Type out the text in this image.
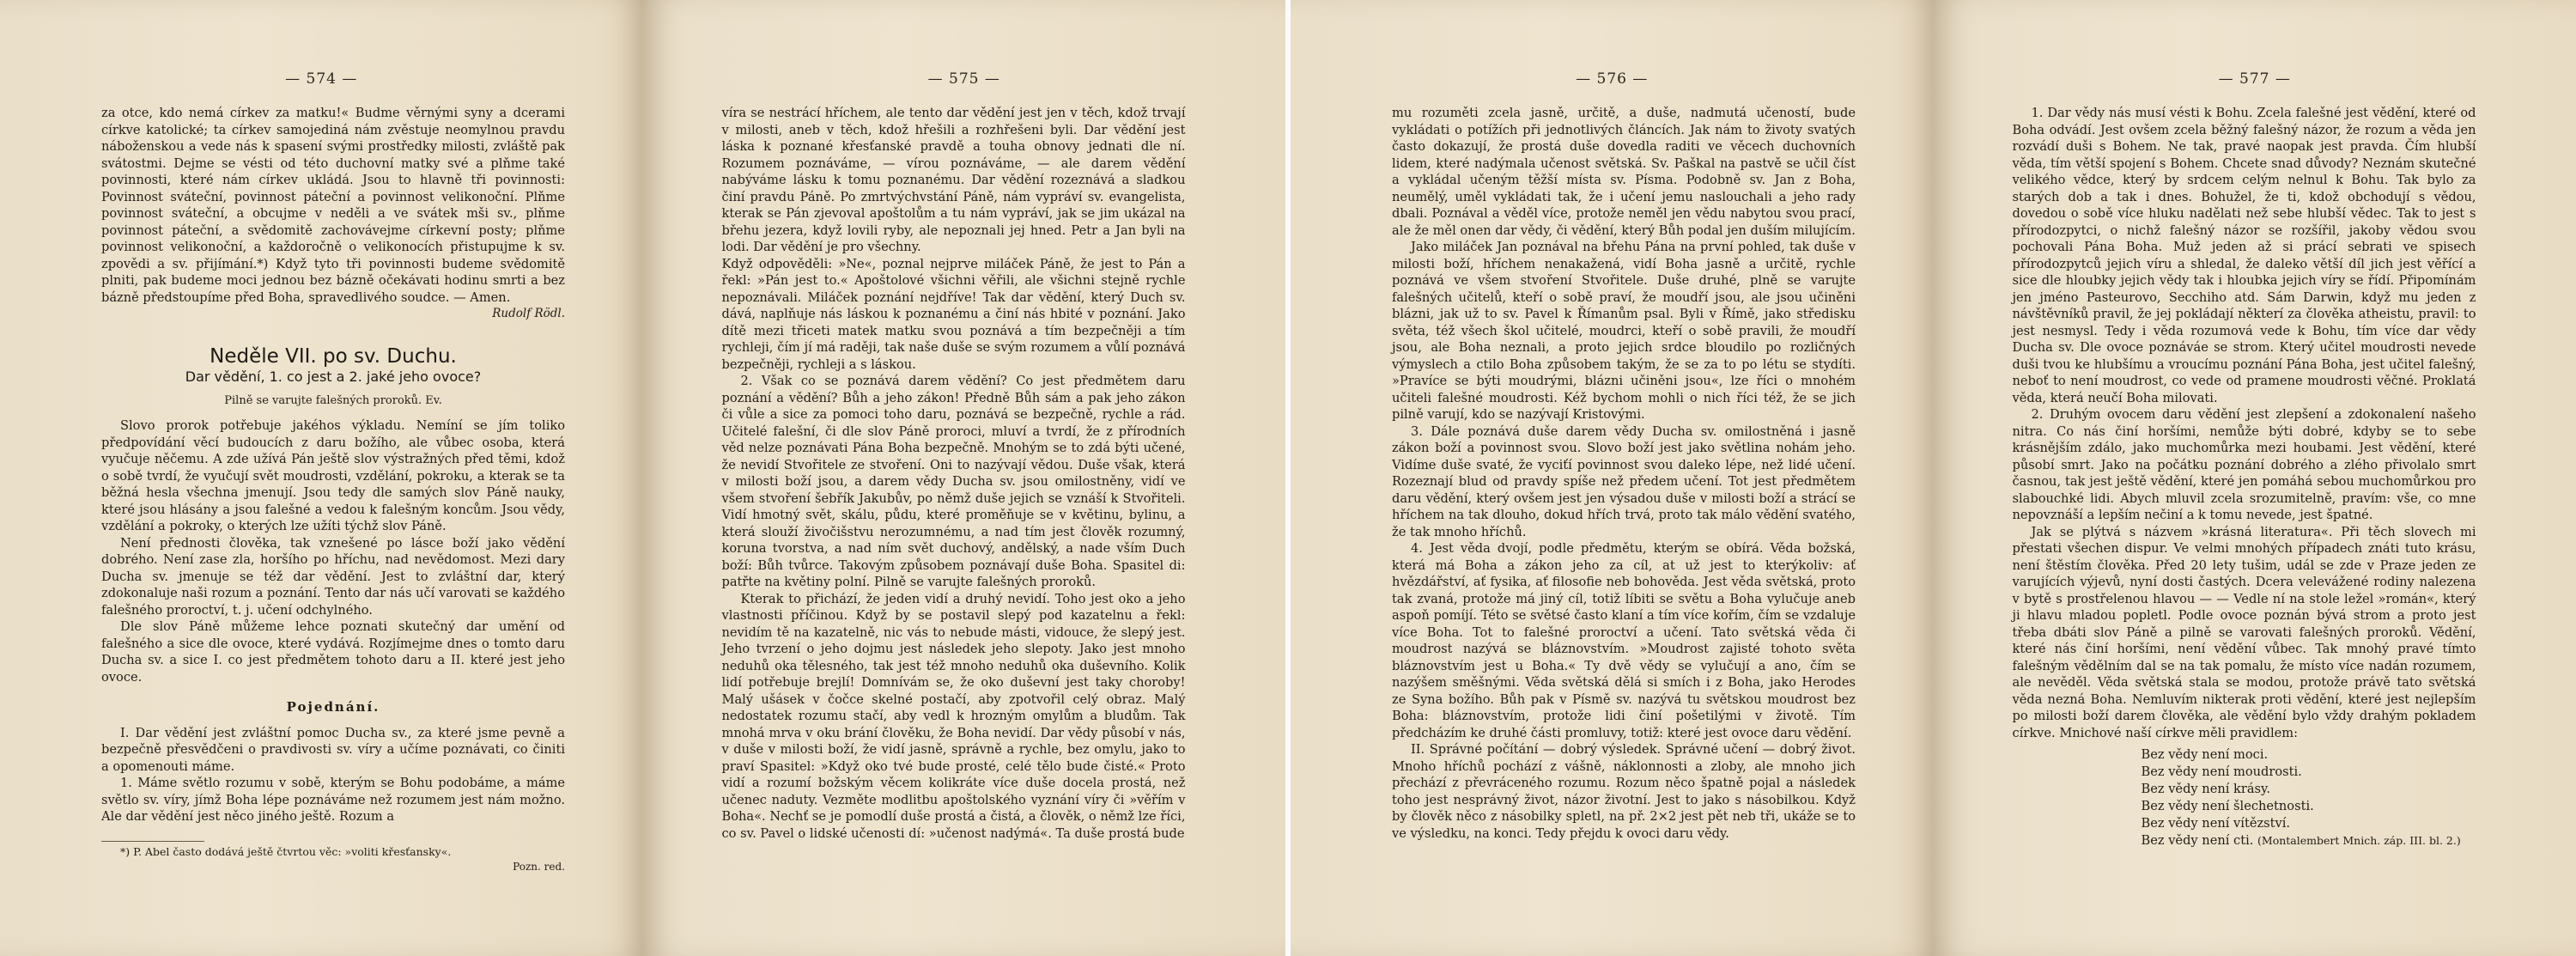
— 574 —

za otce, kdo nemá církev za matku!« Budme věrnými syny a dcerami církve katolické; ta církev samojediná nám zvěstuje neomylnou pravdu náboženskou a vede nás k spasení svými prostředky milosti, zvláště pak svátostmi. Dejme se vésti od této duchovní matky své a plňme také povinnosti, které nám církev ukládá. Jsou to hlavně tři povinnosti: Povinnost sváteční, povinnost páteční a povinnost velikonoční. Plňme povinnost sváteční, a obcujme v neděli a ve svátek mši sv., plňme povinnost páteční, a svědomitě zachovávejme církevní posty; plňme povinnost velikonoční, a každoročně o velikonocích přistupujme k sv. zpovědi a sv. přijímání.*) Když tyto tři povinnosti budeme svědomitě plniti, pak budeme moci jednou bez bázně očekávati hodinu smrti a bez bázně předstoupíme před Boha, spravedlivého soudce. — Amen.

Rudolf Rödl.

Neděle VII. po sv. Duchu.
Dar vědění, 1. co jest a 2. jaké jeho ovoce?
Pilně se varujte falešných proroků. Ev.

Slovo prorok potřebuje jakéhos výkladu. Nemíní se jím toliko předpovídání věcí budoucích z daru božího, ale vůbec osoba, která vyučuje něčemu. A zde užívá Pán ještě slov výstražných před těmi, kdož o sobě tvrdí, že vyučují svět moudrosti, vzdělání, pokroku, a kterak se ta běžná hesla všechna jmenují. Jsou tedy dle samých slov Páně nauky, které jsou hlásány a jsou falešné a vedou k falešným koncům. Jsou vědy, vzdělání a pokroky, o kterých lze užíti týchž slov Páně.

Není přednosti člověka, tak vznešené po lásce boží jako vědění dobrého. Není zase zla, horšího po hříchu, nad nevědomost. Mezi dary Ducha sv. jmenuje se též dar vědění. Jest to zvláštní dar, který zdokonaluje naši rozum a poznání. Tento dar nás učí varovati se každého falešného proroctví, t. j. učení odchylného.

Dle slov Páně můžeme lehce poznati skutečný dar umění od falešného a sice dle ovoce, které vydává. Rozjímejme dnes o tomto daru Ducha sv. a sice I. co jest předmětem tohoto daru a II. které jest jeho ovoce.

Pojednání.

I. Dar vědění jest zvláštní pomoc Ducha sv., za které jsme pevně a bezpečně přesvědčeni o pravdivosti sv. víry a učíme poznávati, co činiti a opomenouti máme.

1. Máme světlo rozumu v sobě, kterým se Bohu podobáme, a máme světlo sv. víry, jímž Boha lépe poznáváme než rozumem jest nám možno. Ale dar vědění jest něco jiného ještě. Rozum a

*) P. Abel často dodává ještě čtvrtou věc: »voliti křesťansky«.

Pozn. red.

— 575 —

víra se nestrácí hříchem, ale tento dar vědění jest jen v těch, kdož trvají v milosti, aneb v těch, kdož hřešili a rozhřešeni byli. Dar vědění jest láska k poznané křesťanské pravdě a touha obnovy jednati dle ní. Rozumem poznáváme, — vírou poznáváme, — ale darem vědění nabýváme lásku k tomu poznanému. Dar vědění rozeznává a sladkou činí pravdu Páně. Po zmrtvýchvstání Páně, nám vypráví sv. evangelista, kterak se Pán zjevoval apoštolům a tu nám vypráví, jak se jim ukázal na břehu jezera, když lovili ryby, ale nepoznali jej hned. Petr a Jan byli na lodi. Dar vědění je pro všechny.

Když odpověděli: »Ne«, poznal nejprve miláček Páně, že jest to Pán a řekl: »Pán jest to.« Apoštolové všichni věřili, ale všichni stejně rychle nepoznávali. Miláček poznání nejdříve! Tak dar vědění, který Duch sv. dává, naplňuje nás láskou k poznanému a činí nás hbité v poznání. Jako dítě mezi třiceti matek matku svou poznává a tím bezpečněji a tím rychleji, čím jí má raději, tak naše duše se svým rozumem a vůlí poznává bezpečněji, rychleji a s láskou.

2. Však co se poznává darem vědění? Co jest předmětem daru poznání a vědění? Bůh a jeho zákon! Předně Bůh sám a pak jeho zákon či vůle a sice za pomoci toho daru, poznává se bezpečně, rychle a rád. Učitelé falešní, či dle slov Páně proroci, mluví a tvrdí, že z přírodních věd nelze poznávati Pána Boha bezpečně. Mnohým se to zdá býti učené, že nevidí Stvořitele ze stvoření. Oni to nazývají vědou. Duše však, která v milosti boží jsou, a darem vědy Ducha sv. jsou omilostněny, vidí ve všem stvoření šebřík Jakubův, po němž duše jejich se vznáší k Stvořiteli. Vidí hmotný svět, skálu, půdu, které proměňuje se v květinu, bylinu, a která slouží živočišstvu nerozumnému, a nad tím jest člověk rozumný, koruna tvorstva, a nad ním svět duchový, andělský, a nade vším Duch boží: Bůh tvůrce. Takovým způsobem poznávají duše Boha. Spasitel di: patřte na květiny polní. Pilně se varujte falešných proroků.

Kterak to přichází, že jeden vidí a druhý nevidí. Toho jest oko a jeho vlastnosti příčinou. Když by se postavil slepý pod kazatelnu a řekl: nevidím tě na kazatelně, nic vás to nebude másti, vidouce, že slepý jest. Jeho tvrzení o jeho dojmu jest následek jeho slepoty. Jako jest mnoho neduhů oka tělesného, tak jest též mnoho neduhů oka duševního. Kolik lidí potřebuje brejlí! Domnívám se, že oko duševní jest taky choroby! Malý ušásek v čočce skelné postačí, aby zpotvořil celý obraz. Malý nedostatek rozumu stačí, aby vedl k hrozným omylům a bludům. Tak mnohá mrva v oku brání člověku, že Boha nevidí. Dar vědy působí v nás, v duše v milosti boží, že vidí jasně, správně a rychle, bez omylu, jako to praví Spasitel: »Když oko tvé bude prosté, celé tělo bude čisté.« Proto vidí a rozumí božským věcem kolikráte více duše docela prostá, než učenec naduty. Vezměte modlitbu apoštolského vyznání víry či »věřím v Boha«. Nechť se je pomodlí duše prostá a čistá, a člověk, o němž lze říci, co sv. Pavel o lidské učenosti dí: »učenost nadýmá«. Ta duše prostá bude

— 576 —

mu rozuměti zcela jasně, určitě, a duše, nadmutá učeností, bude vykládati o potížích při jednotlivých článcích. Jak nám to životy svatých často dokazují, že prostá duše dovedla raditi ve věcech duchovních lidem, které nadýmala učenost světská. Sv. Paškal na pastvě se učil číst a vykládal učeným těžší místa sv. Písma. Podobně sv. Jan z Boha, neumělý, uměl vykládati tak, že i učení jemu naslouchali a jeho rady dbali. Poznával a věděl více, protože neměl jen vědu nabytou svou prací, ale že měl onen dar vědy, či vědění, který Bůh podal jen duším milujícím.

Jako miláček Jan poznával na břehu Pána na první pohled, tak duše v milosti boží, hříchem nenakažená, vidí Boha jasně a určitě, rychle poznává ve všem stvoření Stvořitele. Duše druhé, plně se varujte falešných učitelů, kteří o sobě praví, že moudří jsou, ale jsou učiněni blázni, jak už to sv. Pavel k Římanům psal. Byli v Římě, jako středisku světa, též všech škol učitelé, moudrci, kteří o sobě pravili, že moudří jsou, ale Boha neznali, a proto jejich srdce bloudilo po rozličných výmyslech a ctilo Boha způsobem takým, že se za to po létu se stydíti. »Pravíce se býti moudrými, blázni učiněni jsou«, lze říci o mnohém učiteli falešné moudrosti. Kéž bychom mohli o nich říci též, že se jich pilně varují, kdo se nazývají Kristovými.

3. Dále poznává duše darem vědy Ducha sv. omilostněná i jasně zákon boží a povinnost svou. Slovo boží jest jako světlina nohám jeho. Vidíme duše svaté, že vyciťí povinnost svou daleko lépe, než lidé učení. Rozeznají blud od pravdy spíše než předem učení. Tot jest předmětem daru vědění, který ovšem jest jen výsadou duše v milosti boží a strácí se hříchem na tak dlouho, dokud hřích trvá, proto tak málo vědění svatého, že tak mnoho hříchů.

4. Jest věda dvojí, podle předmětu, kterým se obírá. Věda božská, která má Boha a zákon jeho za cíl, at už jest to kterýkoliv: ať hvězdářství, ať fysika, ať filosofie neb bohověda. Jest věda světská, proto tak zvaná, protože má jiný cíl, totiž líbiti se světu a Boha vylučuje aneb aspoň pomíjí. Této se světsé často klaní a tím více kořím, čím se vzdaluje více Boha. Tot to falešné proroctví a učení. Tato světská věda či moudrost nazývá se bláznovstvím. »Moudrost zajisté tohoto světa bláznovstvím jest u Boha.« Ty dvě vědy se vylučují a ano, čím se nazýšem směšnými. Věda světská dělá si smích i z Boha, jako Herodes ze Syna božího. Bůh pak v Písmě sv. nazývá tu světskou moudrost bez Boha: bláznovstvím, protože lidi činí pošetilými v životě. Tím předcházím ke druhé části promluvy, totiž: které jest ovoce daru vědění.

II. Správné počítání — dobrý výsledek. Správné učení — dobrý život. Mnoho hříchů pochází z vášně, náklonnosti a zloby, ale mnoho jich přechází z převráceného rozumu. Rozum něco špatně pojal a následek toho jest nesprávný život, názor životní. Jest to jako s násobilkou. Když by člověk něco z násobilky spletl, na př. 2×2 jest pět neb tři, ukáže se to ve výsledku, na konci. Tedy přejdu k ovoci daru vědy.

— 577 —

1. Dar vědy nás musí vésti k Bohu. Zcela falešné jest vědění, které od Boha odvádí. Jest ovšem zcela běžný falešný názor, že rozum a věda jen rozvádí duši s Bohem. Ne tak, pravé naopak jest pravda. Čím hlubší věda, tím větší spojení s Bohem. Chcete snad důvody? Neznám skutečné velikého vědce, který by srdcem celým nelnul k Bohu. Tak bylo za starých dob a tak i dnes. Bohužel, že ti, kdož obchodují s vědou, dovedou o sobě více hluku nadělati než sebe hlubší vědec. Tak to jest s přírodozpytci, o nichž falešný názor se rozšířil, jakoby vědou svou pochovali Pána Boha. Muž jeden až si prácí sebrati ve spisech přírodozpytců jejich víru a shledal, že daleko větší díl jich jest věřící a sice dle hloubky jejich vědy tak i hloubka jejich víry se řídí. Připomínám jen jméno Pasteurovo, Secchiho atd. Sám Darwin, když mu jeden z návštěvníků pravil, že jej pokládají některí za člověka atheistu, pravil: to jest nesmysl. Tedy i věda rozumová vede k Bohu, tím více dar vědy Ducha sv. Dle ovoce poznáváe se strom. Který učitel moudrosti nevede duši tvou ke hlubšímu a vroucímu poznání Pána Boha, jest učitel falešný, neboť to není moudrost, co vede od pramene moudrosti věčné. Proklatá věda, která neučí Boha milovati.

2. Druhým ovocem daru vědění jest zlepšení a zdokonalení našeho nitra. Co nás činí horšími, nemůže býti dobré, kdyby se to sebe krásnějším zdálo, jako muchomůrka mezi houbami. Jest vědění, které působí smrt. Jako na počátku poznání dobrého a zlého přivolalo smrt časnou, tak jest ještě vědění, které jen pomáhá sebou muchomůrkou pro slabouchké lidi. Abych mluvil zcela srozumitelně, pravím: vše, co mne nepovznáší a lepším nečiní a k tomu nevede, jest špatné.

Jak se plýtvá s názvem »krásná literatura«. Při těch slovech mi přestati všechen dispur. Ve velmi mnohých případech znáti tuto krásu, není štěstím člověka. Před 20 lety tušim, udál se zde v Praze jeden ze varujících výjevů, nyní dosti častých. Dcera velevážené rodiny nalezena v bytě s prostřelenou hlavou — — Vedle ní na stole ležel »román«, který ji hlavu mladou popletl. Podle ovoce poznán bývá strom a proto jest třeba dbáti slov Páně a pilně se varovati falešných proroků. Vědění, které nás činí horšími, není vědění vůbec. Tak mnohý pravé tímto falešným vědělním dal se na tak pomalu, že místo více nadán rozumem, ale nevěděl. Věda světská stala se modou, protože právě tato světská věda nezná Boha. Nemluvím nikterak proti vědění, které jest nejlepším po milosti boží darem člověka, ale vědění bylo vždy drahým pokladem církve. Mnichové naší církve měli pravidlem:

Bez vědy není moci.
Bez vědy není moudrosti.
Bez vědy není krásy.
Bez vědy není šlechetnosti.
Bez vědy není vítězství.
Bez vědy není cti. (Montalembert Mnich. záp. III. bl. 2.)
